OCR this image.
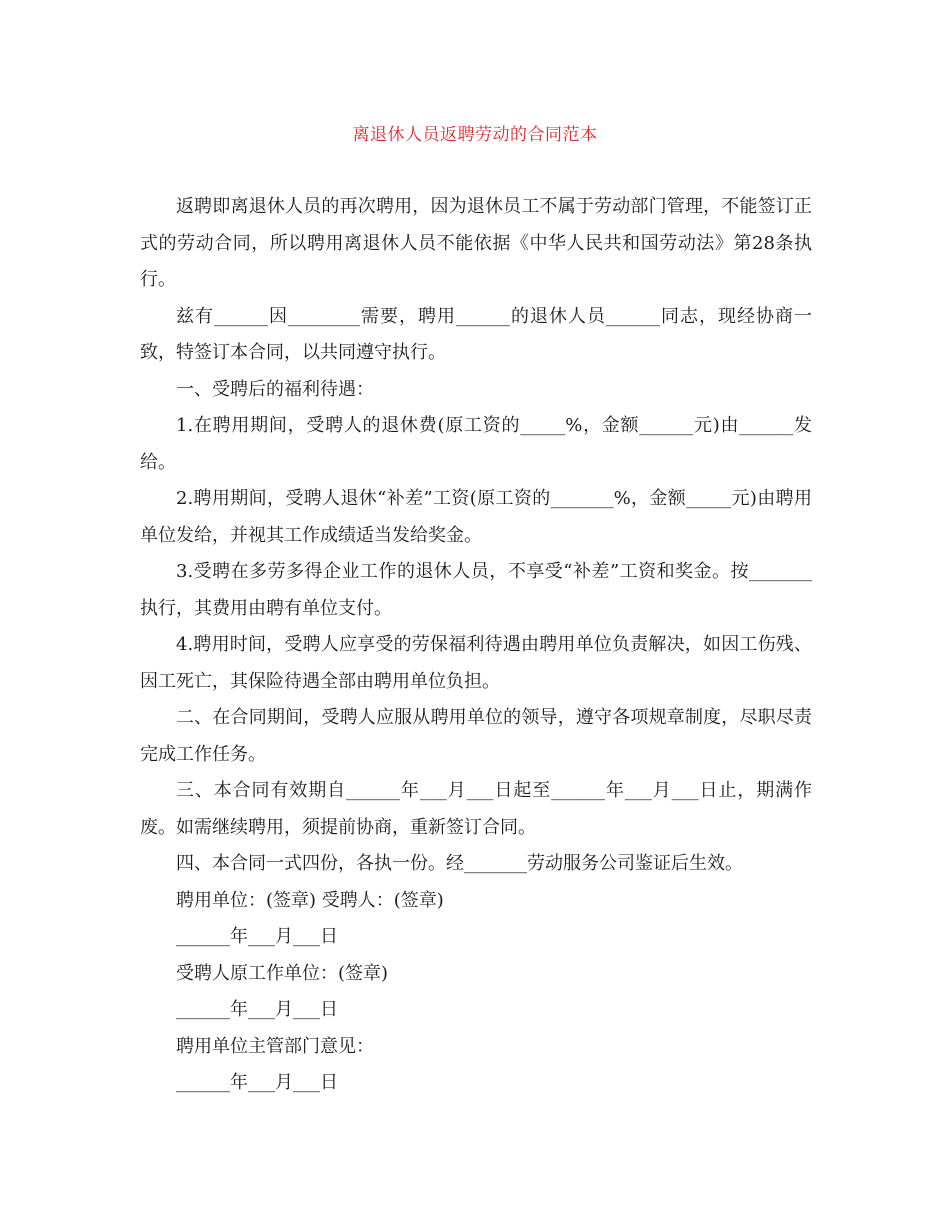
离退休人员返聘劳动的合同范本

返聘即离退休人员的再次聘用，因为退休员工不属于劳动部门管理，不能签订正式的劳动合同，所以聘用离退休人员不能依据《中华人民共和国劳动法》第28条执行。

兹有______因________需要，聘用______的退休人员______同志，现经协商一致，特签订本合同，以共同遵守执行。

一、受聘后的福利待遇：

1.在聘用期间，受聘人的退休费(原工资的_____%，金额______元)由______发给。

2.聘用期间，受聘人退休“补差”工资(原工资的_______%，金额_____元)由聘用单位发给，并视其工作成绩适当发给奖金。

3.受聘在多劳多得企业工作的退休人员，不享受“补差”工资和奖金。按_______执行，其费用由聘有单位支付。

4.聘用时间，受聘人应享受的劳保福利待遇由聘用单位负责解决，如因工伤残、因工死亡，其保险待遇全部由聘用单位负担。

二、在合同期间，受聘人应服从聘用单位的领导，遵守各项规章制度，尽职尽责完成工作任务。

三、本合同有效期自______年___月___日起至______年___月___日止，期满作废。如需继续聘用，须提前协商，重新签订合同。

四、本合同一式四份，各执一份。经_______劳动服务公司鉴证后生效。

聘用单位：(签章) 受聘人：(签章)

______年___月___日

受聘人原工作单位：(签章)

______年___月___日

聘用单位主管部门意见：

______年___月___日
